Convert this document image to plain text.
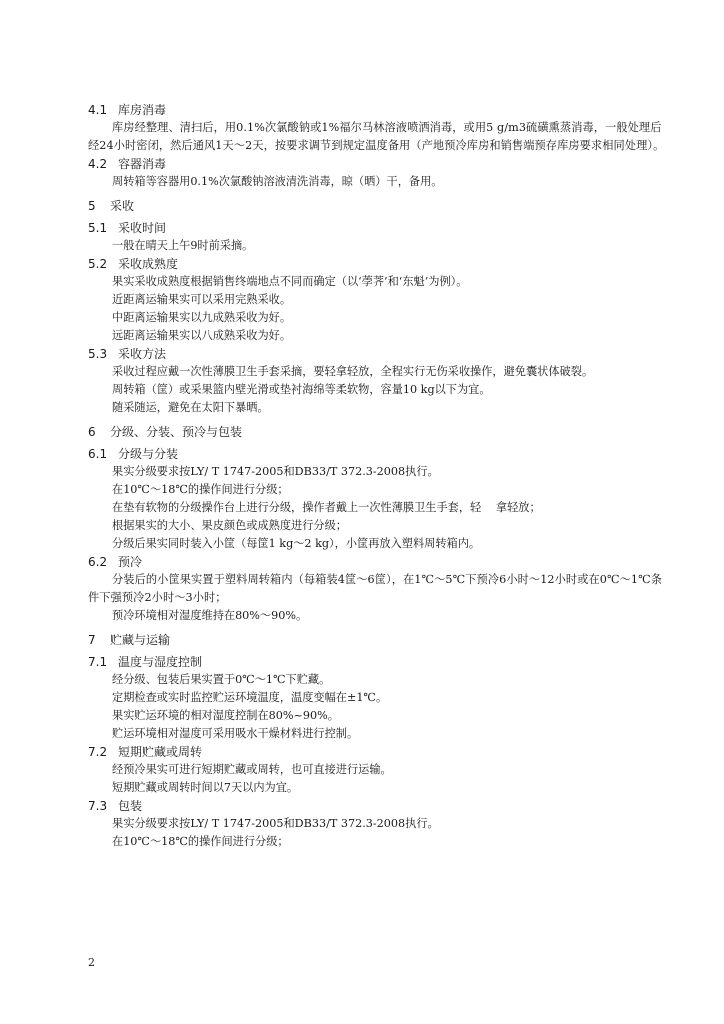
4.1 库房消毒
库房经整理、清扫后，用0.1%次氯酸钠或1%福尔马林溶液喷洒消毒，或用5 g/m3硫磺熏蒸消毒，一般处理后经24小时密闭，然后通风1天～2天，按要求调节到规定温度备用（产地预冷库房和销售端预存库房要求相同处理）。
4.2 容器消毒
周转箱等容器用0.1%次氯酸钠溶液清洗消毒，晾（晒）干，备用。
5 采收
5.1 采收时间
一般在晴天上午9时前采摘。
5.2 采收成熟度
果实采收成熟度根据销售终端地点不同而确定（以‘荸荠’和‘东魁’为例）。
近距离运输果实可以采用完熟采收。
中距离运输果实以九成熟采收为好。
远距离运输果实以八成熟采收为好。
5.3 采收方法
采收过程应戴一次性薄膜卫生手套采摘，要轻拿轻放，全程实行无伤采收操作，避免囊状体破裂。
周转箱（筐）或采果篮内壁光滑或垫衬海绵等柔软物，容量10 kg以下为宜。
随采随运，避免在太阳下暴晒。
6 分级、分装、预冷与包装
6.1 分级与分装
果实分级要求按LY/ T 1747-2005和DB33/T 372.3-2008执行。
在10℃～18℃的操作间进行分级；
在垫有软物的分级操作台上进行分级，操作者戴上一次性薄膜卫生手套，轻　 拿轻放；
根据果实的大小、果皮颜色或成熟度进行分级；
分级后果实同时装入小筐（每筐1 kg～2 kg），小筐再放入塑料周转箱内。
6.2 预冷
分装后的小筐果实置于塑料周转箱内（每箱装4筐～6筐），在1℃～5℃下预冷6小时～12小时或在0℃～1℃条件下强预冷2小时～3小时；
预冷环境相对湿度维持在80%～90%。
7 贮藏与运输
7.1 温度与湿度控制
经分级、包装后果实置于0℃～1℃下贮藏。
定期检查或实时监控贮运环境温度，温度变幅在±1℃。
果实贮运环境的相对湿度控制在80%~90%。
贮运环境相对湿度可采用吸水干燥材料进行控制。
7.2 短期贮藏或周转
经预冷果实可进行短期贮藏或周转，也可直接进行运输。
短期贮藏或周转时间以7天以内为宜。
7.3 包装
果实分级要求按LY/ T 1747-2005和DB33/T 372.3-2008执行。
在10℃～18℃的操作间进行分级；
2
